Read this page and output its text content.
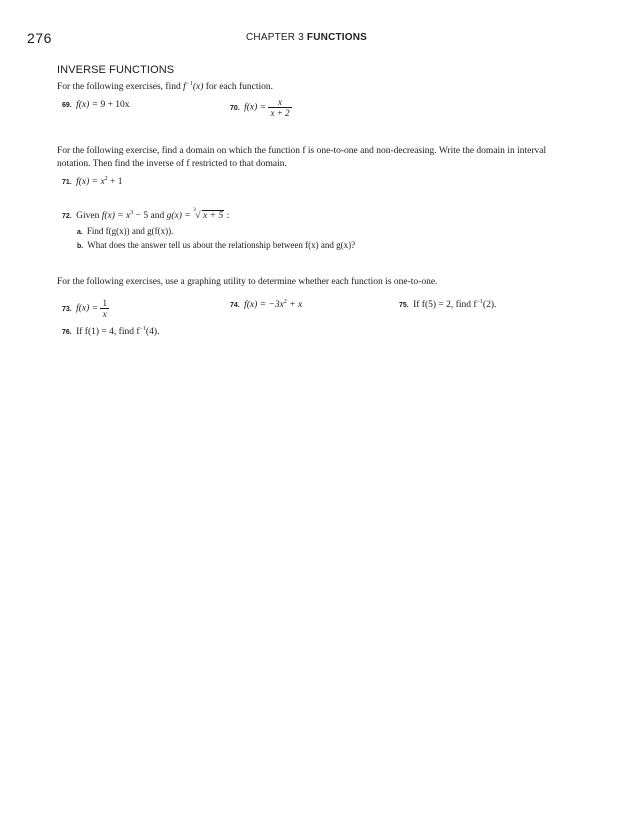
276	CHAPTER 3 FUNCTIONS
INVERSE FUNCTIONS
For the following exercises, find $f^{-1}(x)$ for each function.
69. f(x) = 9 + 10x	70. $f(x) = \frac{x}{x + 2}$
For the following exercise, find a domain on which the function f is one-to-one and non-decreasing. Write the domain in interval notation. Then find the inverse of f restricted to that domain.
71. $f(x) = x^2 + 1$
72. Given $f(x) = x^3 - 5$ and g(x) =
3 √ x + 5 :
a. Find f(g(x)) and g(f(x)).
b. What does the answer tell us about the relationship between f(x) and g(x)?
For the following exercises, use a graphing utility to determine whether each function is one-to-one.
73. $f(x) = \frac{1}{x}$	74. $f(x) = -3x^2 + x$	75. If f(5) = 2, find $f^{-1}(2)$.
76. If f(1) = 4, find $f^{-1}(4)$.
